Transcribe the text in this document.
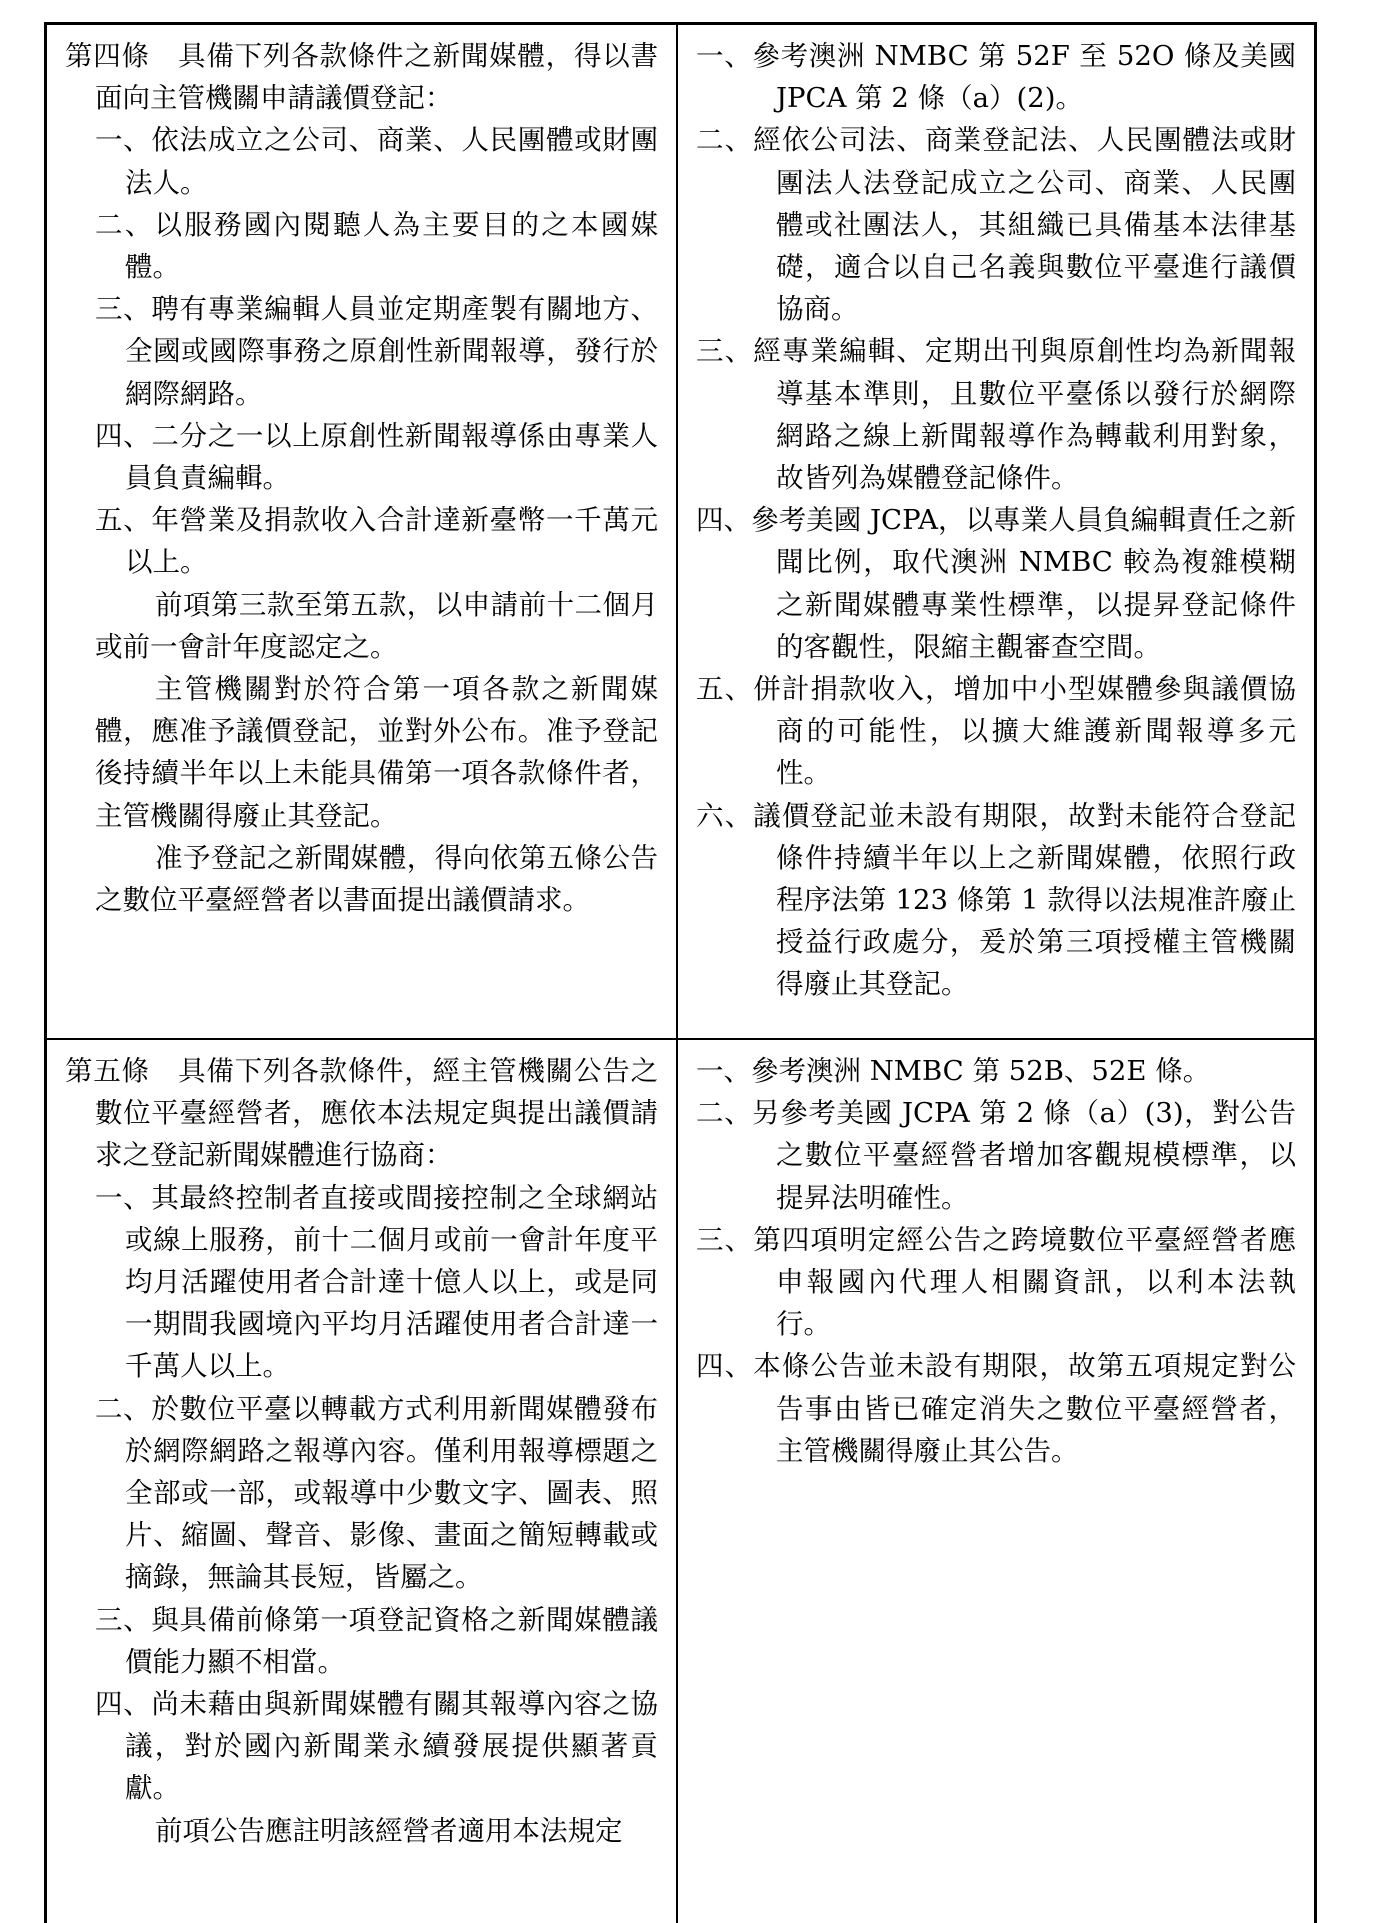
第四條　具備下列各款條件之新聞媒體，得以書面向主管機關申請議價登記：

一、依法成立之公司、商業、人民團體或財團法人。

二、以服務國內閱聽人為主要目的之本國媒體。

三、聘有專業編輯人員並定期產製有關地方、全國或國際事務之原創性新聞報導，發行於網際網路。

四、二分之一以上原創性新聞報導係由專業人員負責編輯。

五、年營業及捐款收入合計達新臺幣一千萬元以上。

前項第三款至第五款，以申請前十二個月或前一會計年度認定之。

主管機關對於符合第一項各款之新聞媒體，應准予議價登記，並對外公布。准予登記後持續半年以上未能具備第一項各款條件者，主管機關得廢止其登記。

准予登記之新聞媒體，得向依第五條公告之數位平臺經營者以書面提出議價請求。

一、參考澳洲 NMBC 第 52F 至 52O 條及美國 JPCA 第 2 條（a）(2)。

二、經依公司法、商業登記法、人民團體法或財團法人法登記成立之公司、商業、人民團體或社團法人，其組織已具備基本法律基礎，適合以自己名義與數位平臺進行議價協商。

三、經專業編輯、定期出刊與原創性均為新聞報導基本準則，且數位平臺係以發行於網際網路之線上新聞報導作為轉載利用對象，故皆列為媒體登記條件。

四、參考美國 JCPA，以專業人員負編輯責任之新聞比例，取代澳洲 NMBC 較為複雜模糊之新聞媒體專業性標準，以提昇登記條件的客觀性，限縮主觀審查空間。

五、併計捐款收入，增加中小型媒體參與議價協商的可能性，以擴大維護新聞報導多元性。

六、議價登記並未設有期限，故對未能符合登記條件持續半年以上之新聞媒體，依照行政程序法第 123 條第 1 款得以法規准許廢止授益行政處分，爰於第三項授權主管機關得廢止其登記。

第五條　具備下列各款條件，經主管機關公告之數位平臺經營者，應依本法規定與提出議價請求之登記新聞媒體進行協商：

一、其最終控制者直接或間接控制之全球網站或線上服務，前十二個月或前一會計年度平均月活躍使用者合計達十億人以上，或是同一期間我國境內平均月活躍使用者合計達一千萬人以上。

二、於數位平臺以轉載方式利用新聞媒體發布於網際網路之報導內容。僅利用報導標題之全部或一部，或報導中少數文字、圖表、照片、縮圖、聲音、影像、畫面之簡短轉載或摘錄，無論其長短，皆屬之。

三、與具備前條第一項登記資格之新聞媒體議價能力顯不相當。

四、尚未藉由與新聞媒體有關其報導內容之協議，對於國內新聞業永續發展提供顯著貢獻。

前項公告應註明該經營者適用本法規定

一、參考澳洲 NMBC 第 52B、52E 條。

二、另參考美國 JCPA 第 2 條（a）(3)，對公告之數位平臺經營者增加客觀規模標準，以提昇法明確性。

三、第四項明定經公告之跨境數位平臺經營者應申報國內代理人相關資訊，以利本法執行。

四、本條公告並未設有期限，故第五項規定對公告事由皆已確定消失之數位平臺經營者，主管機關得廢止其公告。
